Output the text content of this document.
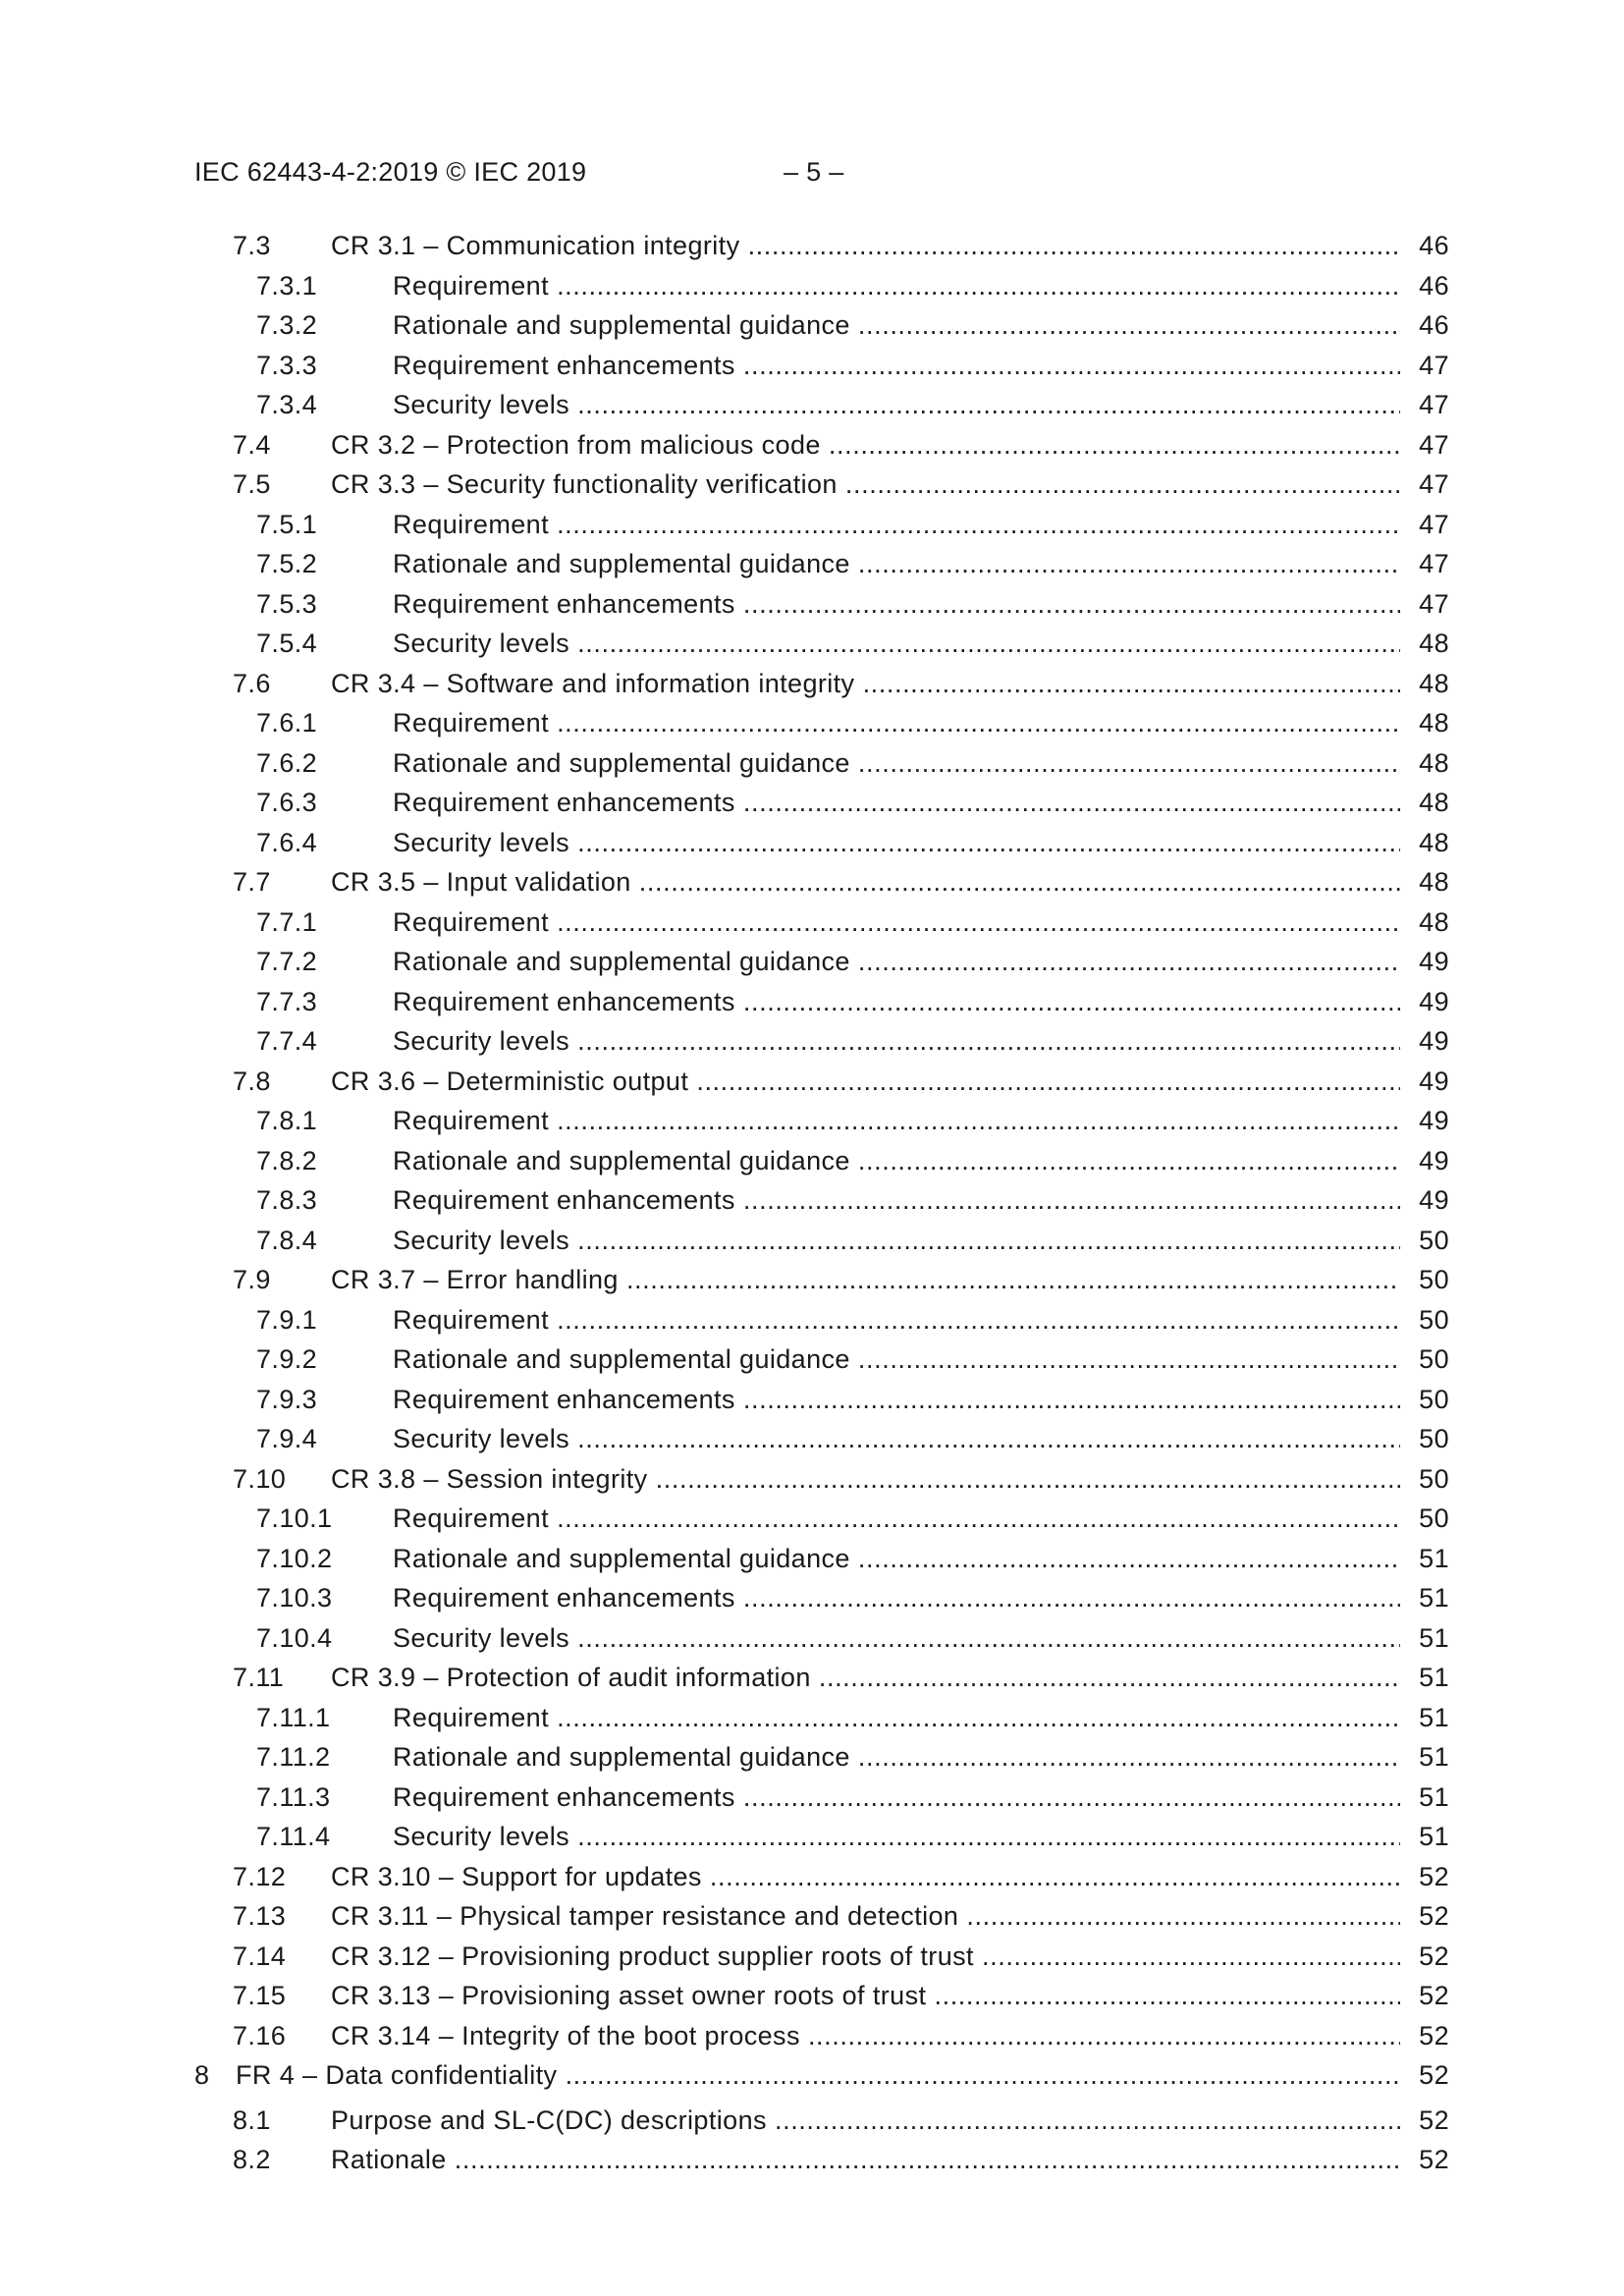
IEC 62443-4-2:2019 © IEC 2019	– 5 –
7.3 CR 3.1 – Communication integrity .....	46
7.3.1	Requirement .....	46
7.3.2	Rationale and supplemental guidance .....	46
7.3.3	Requirement enhancements .....	47
7.3.4	Security levels .....	47
7.4 CR 3.2 – Protection from malicious code .....	47
7.5 CR 3.3 – Security functionality verification .....	47
7.5.1	Requirement .....	47
7.5.2	Rationale and supplemental guidance .....	47
7.5.3	Requirement enhancements .....	47
7.5.4	Security levels .....	48
7.6 CR 3.4 – Software and information integrity .....	48
7.6.1	Requirement .....	48
7.6.2	Rationale and supplemental guidance .....	48
7.6.3	Requirement enhancements .....	48
7.6.4	Security levels .....	48
7.7 CR 3.5 – Input validation .....	48
7.7.1	Requirement .....	48
7.7.2	Rationale and supplemental guidance .....	49
7.7.3	Requirement enhancements .....	49
7.7.4	Security levels .....	49
7.8 CR 3.6 – Deterministic output .....	49
7.8.1	Requirement .....	49
7.8.2	Rationale and supplemental guidance .....	49
7.8.3	Requirement enhancements .....	49
7.8.4	Security levels .....	50
7.9 CR 3.7 – Error handling .....	50
7.9.1	Requirement .....	50
7.9.2	Rationale and supplemental guidance .....	50
7.9.3	Requirement enhancements .....	50
7.9.4	Security levels .....	50
7.10 CR 3.8 – Session integrity .....	50
7.10.1 Requirement .....	50
7.10.2 Rationale and supplemental guidance .....	51
7.10.3 Requirement enhancements .....	51
7.10.4 Security levels .....	51
7.11 CR 3.9 – Protection of audit information .....	51
7.11.1 Requirement .....	51
7.11.2 Rationale and supplemental guidance .....	51
7.11.3 Requirement enhancements .....	51
7.11.4 Security levels .....	51
7.12 CR 3.10 – Support for updates .....	52
7.13 CR 3.11 – Physical tamper resistance and detection .....	52
7.14 CR 3.12 – Provisioning product supplier roots of trust .....	52
7.15 CR 3.13 – Provisioning asset owner roots of trust .....	52
7.16 CR 3.14 – Integrity of the boot process .....	52
8 FR 4 – Data confidentiality .....	52
8.1 Purpose and SL-C(DC) descriptions .....	52
8.2 Rationale .....	52
